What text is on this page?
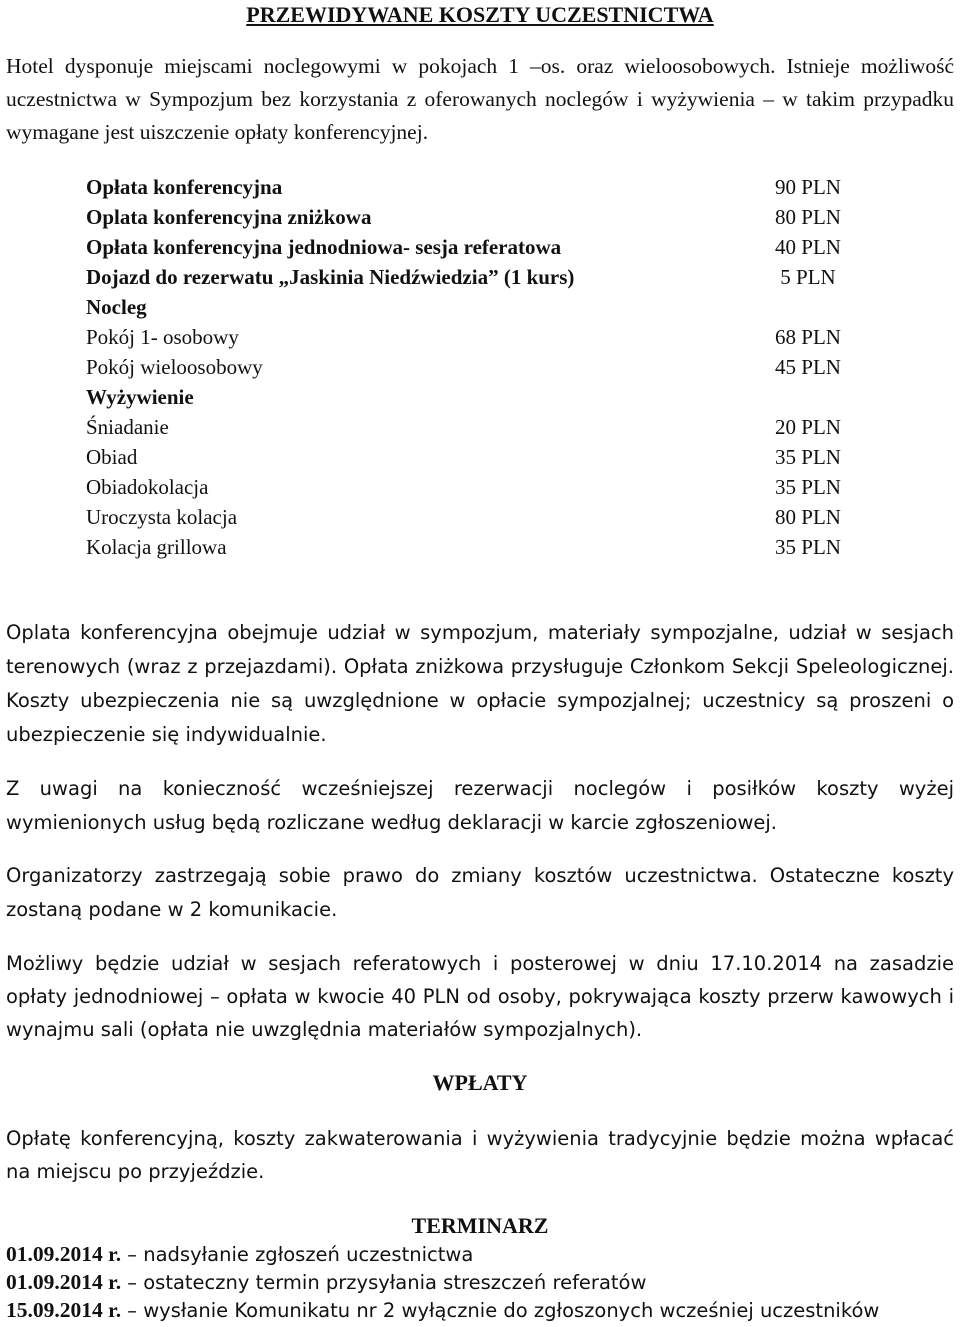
PRZEWIDYWANE KOSZTY UCZESTNICTWA
Hotel dysponuje miejscami noclegowymi w pokojach 1 –os. oraz wieloosobowych. Istnieje możliwość uczestnictwa w Sympozjum bez korzystania z oferowanych noclegów i wyżywienia – w takim przypadku wymagane jest uiszczenie opłaty konferencyjnej.
Opłata konferencyjna	90 PLN
Oplata konferencyjna zniżkowa	80 PLN
Opłata konferencyjna jednodniowa- sesja referatowa	40 PLN
Dojazd do rezerwatu „Jaskinia Niedźwiedzia” (1 kurs)	5 PLN
Nocleg
Pokój 1- osobowy	68 PLN
Pokój wieloosobowy	45 PLN
Wyżywienie
Śniadanie	20 PLN
Obiad	35 PLN
Obiadokolacja	35 PLN
Uroczysta kolacja	80 PLN
Kolacja grillowa	35 PLN
Oplata konferencyjna obejmuje udział w sympozjum, materiały sympozjalne, udział w sesjach terenowych (wraz z przejazdami). Opłata zniżkowa przysługuje Członkom Sekcji Speleologicznej. Koszty ubezpieczenia nie są uwzględnione w opłacie sympozjalnej; uczestnicy są proszeni o ubezpieczenie się indywidualnie.
Z uwagi na konieczność wcześniejszej rezerwacji noclegów i posiłków koszty wyżej wymienionych usług będą rozliczane według deklaracji w karcie zgłoszeniowej.
Organizatorzy zastrzegają sobie prawo do zmiany kosztów uczestnictwa. Ostateczne koszty zostaną podane w 2 komunikacie.
Możliwy będzie udział w sesjach referatowych i posterowej w dniu 17.10.2014 na zasadzie opłaty jednodniowej – opłata w kwocie 40 PLN od osoby, pokrywająca koszty przerw kawowych i wynajmu sali (opłata nie uwzględnia materiałów sympozjalnych).
WPŁATY
Opłatę konferencyjną, koszty zakwaterowania i wyżywienia tradycyjnie będzie można wpłacać na miejscu po przyjeździe.
TERMINARZ
01.09.2014 r. – nadsyłanie zgłoszeń uczestnictwa
01.09.2014 r. – ostateczny termin przysyłania streszczeń referatów
15.09.2014 r. – wysłanie Komunikatu nr 2 wyłącznie do zgłoszonych wcześniej uczestników
